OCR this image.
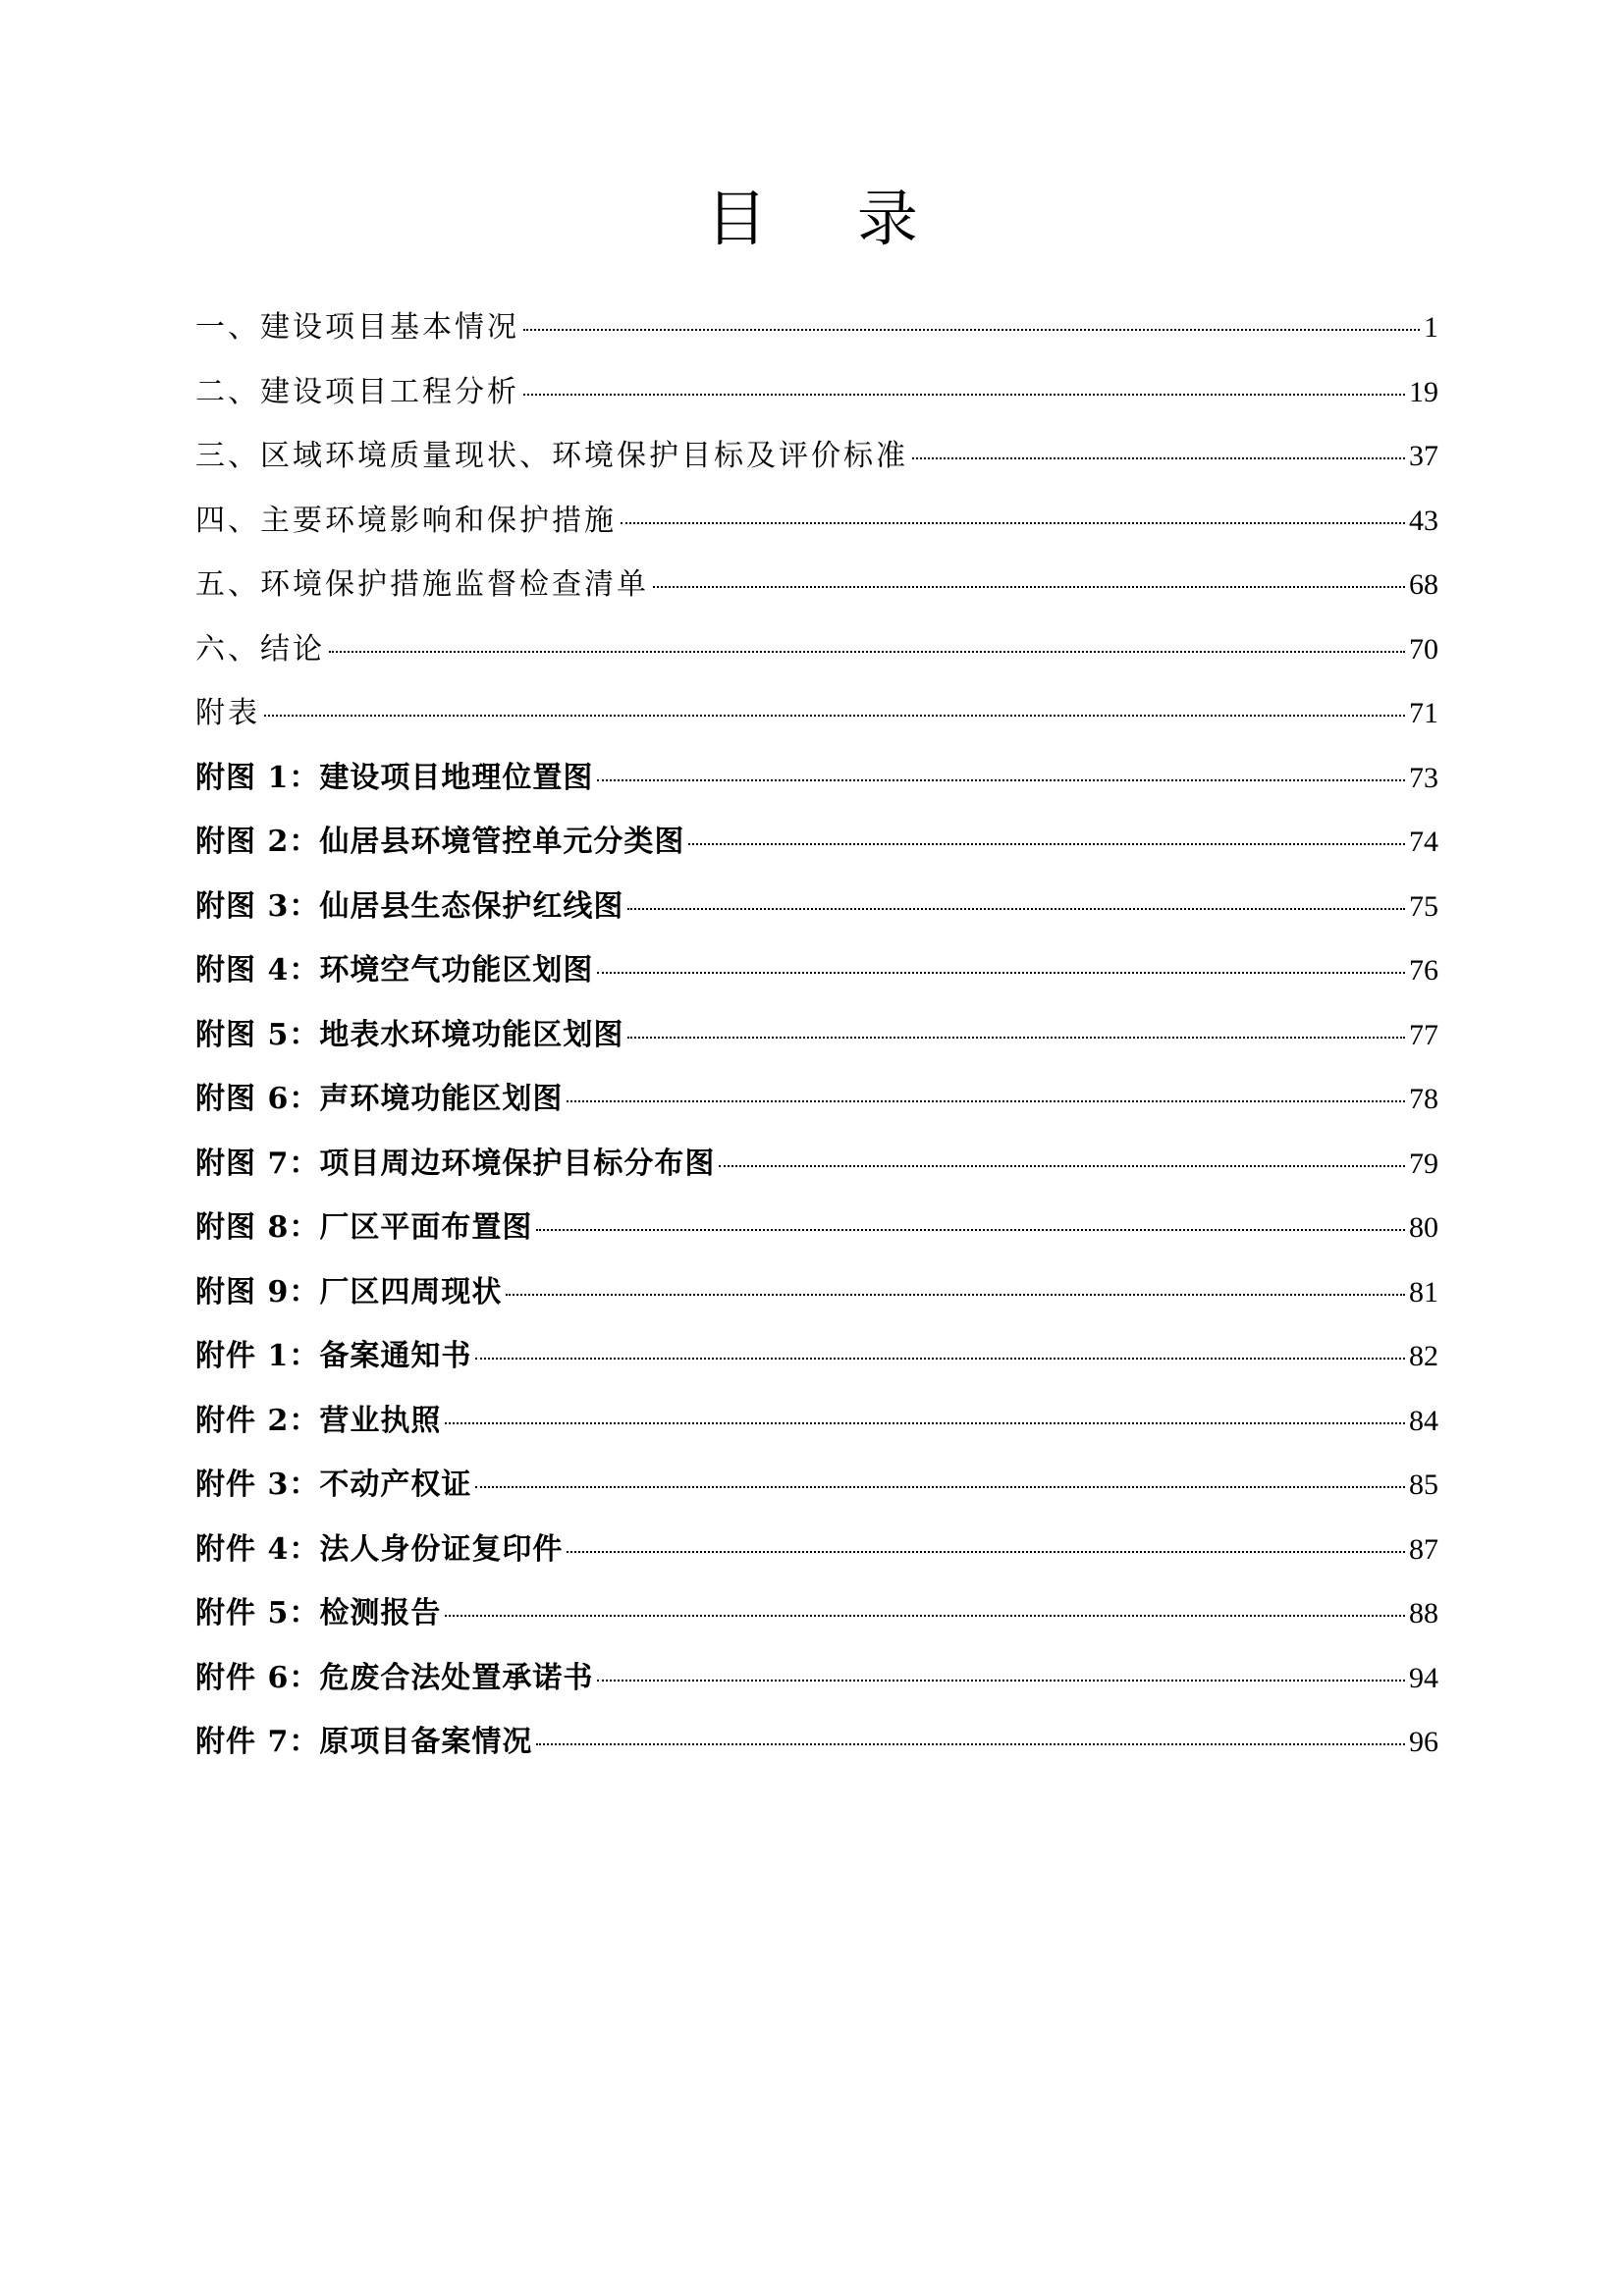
目 录
一、建设项目基本情况	1
二、建设项目工程分析	19
三、区域环境质量现状、环境保护目标及评价标准	37
四、主要环境影响和保护措施	43
五、环境保护措施监督检查清单	68
六、结论	70
附表	71
附图 1：建设项目地理位置图	73
附图 2：仙居县环境管控单元分类图	74
附图 3：仙居县生态保护红线图	75
附图 4：环境空气功能区划图	76
附图 5：地表水环境功能区划图	77
附图 6：声环境功能区划图	78
附图 7：项目周边环境保护目标分布图	79
附图 8：厂区平面布置图	80
附图 9：厂区四周现状	81
附件 1：备案通知书	82
附件 2：营业执照	84
附件 3：不动产权证	85
附件 4：法人身份证复印件	87
附件 5：检测报告	88
附件 6：危废合法处置承诺书	94
附件 7：原项目备案情况	96
